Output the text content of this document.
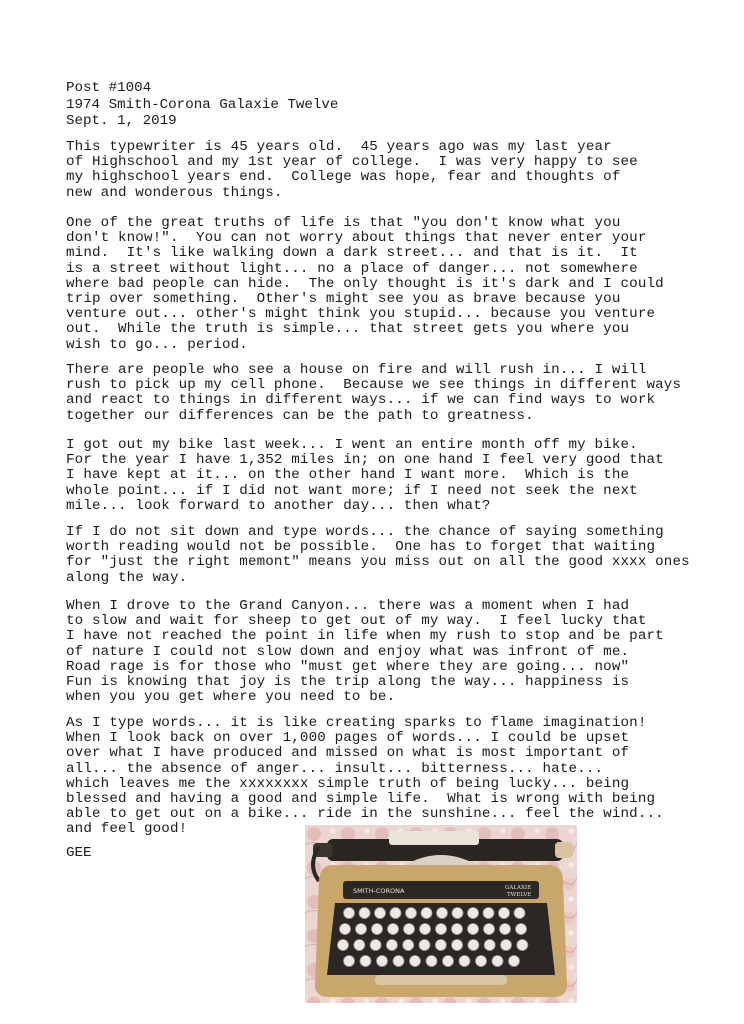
Post #1004
1974 Smith-Corona Galaxie Twelve
Sept. 1, 2019
This typewriter is 45 years old.  45 years ago was my last year
of Highschool and my 1st year of college.  I was very happy to see
my highschool years end.  College was hope, fear and thoughts of
new and wonderous things.
One of the great truths of life is that "you don't know what you
don't know!".  You can not worry about things that never enter your
mind.  It's like walking down a dark street... and that is it.  It
is a street without light... no a place of danger... not somewhere
where bad people can hide.  The only thought is it's dark and I could
trip over something.  Other's might see you as brave because you
venture out... other's might think you stupid... because you venture
out.  While the truth is simple... that street gets you where you
wish to go... period.
There are people who see a house on fire and will rush in... I will
rush to pick up my cell phone.  Because we see things in different ways
and react to things in different ways... if we can find ways to work
together our differences can be the path to greatness.
I got out my bike last week... I went an entire month off my bike.
For the year I have 1,352 miles in; on one hand I feel very good that
I have kept at it... on the other hand I want more.  Which is the
whole point... if I did not want more; if I need not seek the next
mile... look forward to another day... then what?
If I do not sit down and type words... the chance of saying something
worth reading would not be possible.  One has to forget that waiting
for "just the right memont" means you miss out on all the good xxxx ones
along the way.
When I drove to the Grand Canyon... there was a moment when I had
to slow and wait for sheep to get out of my way.  I feel lucky that
I have not reached the point in life when my rush to stop and be part
of nature I could not slow down and enjoy what was infront of me.
Road rage is for those who "must get where they are going... now"
Fun is knowing that joy is the trip along the way... happiness is
when you you get where you need to be.
As I type words... it is like creating sparks to flame imagination!
When I look back on over 1,000 pages of words... I could be upset
over what I have produced and missed on what is most important of
all... the absence of anger... insult... bitterness... hate...
which leaves me the xxxxxxxx simple truth of being lucky... being
blessed and having a good and simple life.  What is wrong with being
able to get out on a bike... ride in the sunshine... feel the wind...
and feel good!
GEE
SMITH-CORONA	GALAXIE
TWELVE
